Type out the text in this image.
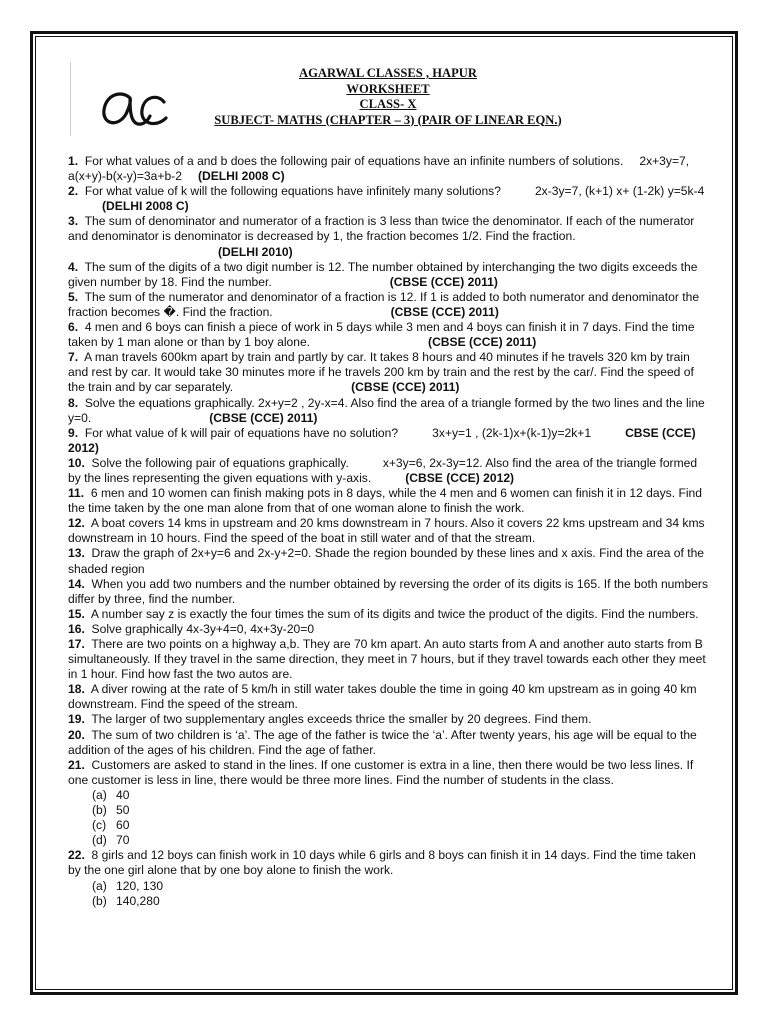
AGARWAL CLASSES , HAPUR
WORKSHEET
CLASS- X
SUBJECT- MATHS (CHAPTER – 3) (PAIR OF LINEAR EQN.)

1. For what values of a and b does the following pair of equations have an infinite numbers of solutions. 2x+3y=7, a(x+y)-b(x-y)=3a+b-2 (DELHI 2008 C)

2. For what value of k will the following equations have infinitely many solutions?	2x-3y=7, (k+1) x+ (1-2k) y=5k-4(DELHI 2008 C)

3. The sum of denominator and numerator of a fraction is 3 less than twice the denominator. If each of the numerator and denominator is denominator is decreased by 1, the fraction becomes 1/2. Find the fraction.(DELHI 2010)

4. The sum of the digits of a two digit number is 12. The number obtained by interchanging the two digits exceeds the given number by 18. Find the number.	(CBSE (CCE) 2011)

5. The sum of the numerator and denominator of a fraction is 12. If 1 is added to both numerator and denominator the fraction becomes �. Find the fraction.	(CBSE (CCE) 2011)

6. 4 men and 6 boys can finish a piece of work in 5 days while 3 men and 4 boys can finish it in 7 days. Find the time taken by 1 man alone or than by 1 boy alone.	(CBSE (CCE) 2011)

7. A man travels 600km apart by train and partly by car. It takes 8 hours and 40 minutes if he travels 320 km by train and rest by car. It would take 30 minutes more if he travels 200 km by train and the rest by the car/. Find the speed of the train and by car separately.	(CBSE (CCE) 2011)

8. Solve the equations graphically. 2x+y=2 , 2y-x=4. Also find the area of a triangle formed by the two lines and the line y=0.	(CBSE (CCE) 2011)

9. For what value of k will pair of equations have no solution?	3x+y=1 , (2k-1)x+(k-1)y=2k+1	CBSE (CCE) 2012)

10. Solve the following pair of equations graphically.	x+3y=6, 2x-3y=12. Also find the area of the triangle formed by the lines representing the given equations with y-axis.	(CBSE (CCE) 2012)

11. 6 men and 10 women can finish making pots in 8 days, while the 4 men and 6 women can finish it in 12 days. Find the time taken by the one man alone from that of one woman alone to finish the work.

12. A boat covers 14 kms in upstream and 20 kms downstream in 7 hours. Also it covers 22 kms upstream and 34 kms downstream in 10 hours. Find the speed of the boat in still water and of that the stream.

13. Draw the graph of 2x+y=6 and 2x-y+2=0. Shade the region bounded by these lines and x axis. Find the area of the shaded region

14. When you add two numbers and the number obtained by reversing the order of its digits is 165. If the both numbers differ by three, find the number.

15. A number say z is exactly the four times the sum of its digits and twice the product of the digits. Find the numbers.

16. Solve graphically 4x-3y+4=0, 4x+3y-20=0

17. There are two points on a highway a,b. They are 70 km apart. An auto starts from A and another auto starts from B simultaneously. If they travel in the same direction, they meet in 7 hours, but if they travel towards each other they meet in 1 hour. Find how fast the two autos are.

18. A diver rowing at the rate of 5 km/h in still water takes double the time in going 40 km upstream as in going 40 km downstream. Find the speed of the stream.

19. The larger of two supplementary angles exceeds thrice the smaller by 20 degrees. Find them.

20. The sum of two children is ‘a’. The age of the father is twice the ‘a’. After twenty years, his age will be equal to the addition of the ages of his children. Find the age of father.

21. Customers are asked to stand in the lines. If one customer is extra in a line, then there would be two less lines. If one customer is less in line, there would be three more lines. Find the number of students in the class.

(a) 40

(b) 50

(c) 60

(d) 70

22. 8 girls and 12 boys can finish work in 10 days while 6 girls and 8 boys can finish it in 14 days. Find the time taken by the one girl alone that by one boy alone to finish the work.

(a) 120, 130

(b) 140,280
